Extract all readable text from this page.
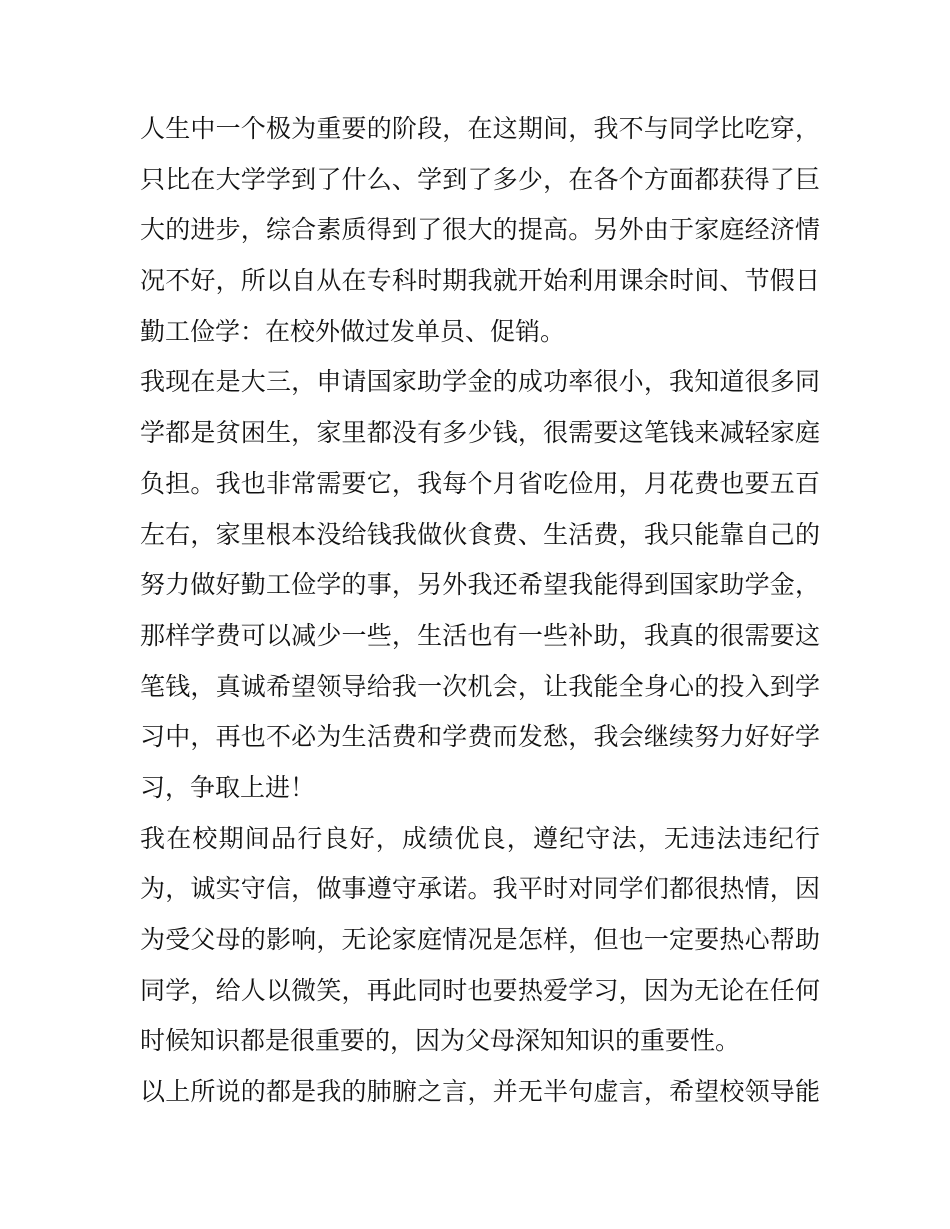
人生中一个极为重要的阶段，在这期间，我不与同学比吃穿，
只比在大学学到了什么、学到了多少，在各个方面都获得了巨
大的进步，综合素质得到了很大的提高。另外由于家庭经济情
况不好，所以自从在专科时期我就开始利用课余时间、节假日
勤工俭学：在校外做过发单员、促销。
我现在是大三，申请国家助学金的成功率很小，我知道很多同
学都是贫困生，家里都没有多少钱，很需要这笔钱来减轻家庭
负担。我也非常需要它，我每个月省吃俭用，月花费也要五百
左右，家里根本没给钱我做伙食费、生活费，我只能靠自己的
努力做好勤工俭学的事，另外我还希望我能得到国家助学金，
那样学费可以减少一些，生活也有一些补助，我真的很需要这
笔钱，真诚希望领导给我一次机会，让我能全身心的投入到学
习中，再也不必为生活费和学费而发愁，我会继续努力好好学
习，争取上进！
我在校期间品行良好，成绩优良，遵纪守法，无违法违纪行
为，诚实守信，做事遵守承诺。我平时对同学们都很热情，因
为受父母的影响，无论家庭情况是怎样，但也一定要热心帮助
同学，给人以微笑，再此同时也要热爱学习，因为无论在任何
时候知识都是很重要的，因为父母深知知识的重要性。
以上所说的都是我的肺腑之言，并无半句虚言，希望校领导能
